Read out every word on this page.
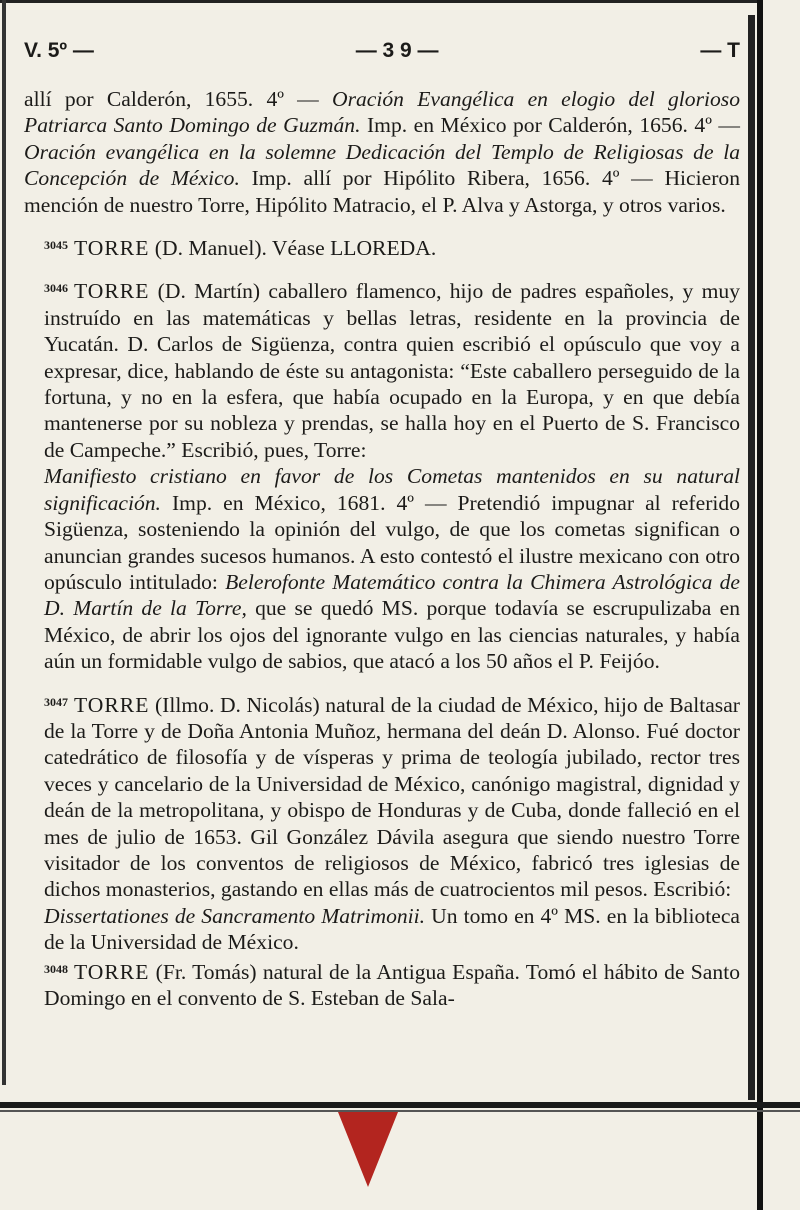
V. 5º —	— 3 9 —	— T

allí por Calderón, 1655. 4º — Oración Evangélica en elogio del glorioso Patriarca Santo Domingo de Guzmán. Imp. en México por Calderón, 1656. 4º — Oración evangélica en la solemne Dedicación del Templo de Religiosas de la Concepción de México. Imp. allí por Hipólito Ribera, 1656. 4º — Hicieron mención de nuestro Torre, Hipólito Matracio, el P. Alva y Astorga, y otros varios.

$^{3045}$ TORRE (D. Manuel). Véase LLOREDA.

$^{3046}$ TORRE (D. Martín) caballero flamenco, hijo de padres españoles, y muy instruído en las matemáticas y bellas letras, residente en la provincia de Yucatán. D. Carlos de Sigüenza, contra quien escribió el opúsculo que voy a expresar, dice, hablando de éste su antagonista: “Este caballero perseguido de la fortuna, y no en la esfera, que había ocupado en la Europa, y en que debía mantenerse por su nobleza y prendas, se halla hoy en el Puerto de S. Francisco de Campeche.” Escribió, pues, Torre:

Manifiesto cristiano en favor de los Cometas mantenidos en su natural significación. Imp. en México, 1681. 4º — Pretendió impugnar al referido Sigüenza, sosteniendo la opinión del vulgo, de que los cometas significan o anuncian grandes sucesos humanos. A esto contestó el ilustre mexicano con otro opúsculo intitulado: Belerofonte Matemático contra la Chimera Astrológica de D. Martín de la Torre, que se quedó MS. porque todavía se escrupulizaba en México, de abrir los ojos del ignorante vulgo en las ciencias naturales, y había aún un formidable vulgo de sabios, que atacó a los 50 años el P. Feijóo.

$^{3047}$ TORRE (Illmo. D. Nicolás) natural de la ciudad de México, hijo de Baltasar de la Torre y de Doña Antonia Muñoz, hermana del deán D. Alonso. Fué doctor catedrático de filosofía y de vísperas y prima de teología jubilado, rector tres veces y cancelario de la Universidad de México, canónigo magistral, dignidad y deán de la metropolitana, y obispo de Honduras y de Cuba, donde falleció en el mes de julio de 1653. Gil González Dávila asegura que siendo nuestro Torre visitador de los conventos de religiosos de México, fabricó tres iglesias de dichos monasterios, gastando en ellas más de cuatrocientos mil pesos. Escribió:

Dissertationes de Sancramento Matrimonii. Un tomo en 4º MS. en la biblioteca de la Universidad de México.

$^{3048}$ TORRE (Fr. Tomás) natural de la Antigua España. Tomó el hábito de Santo Domingo en el convento de S. Esteban de Sala-
